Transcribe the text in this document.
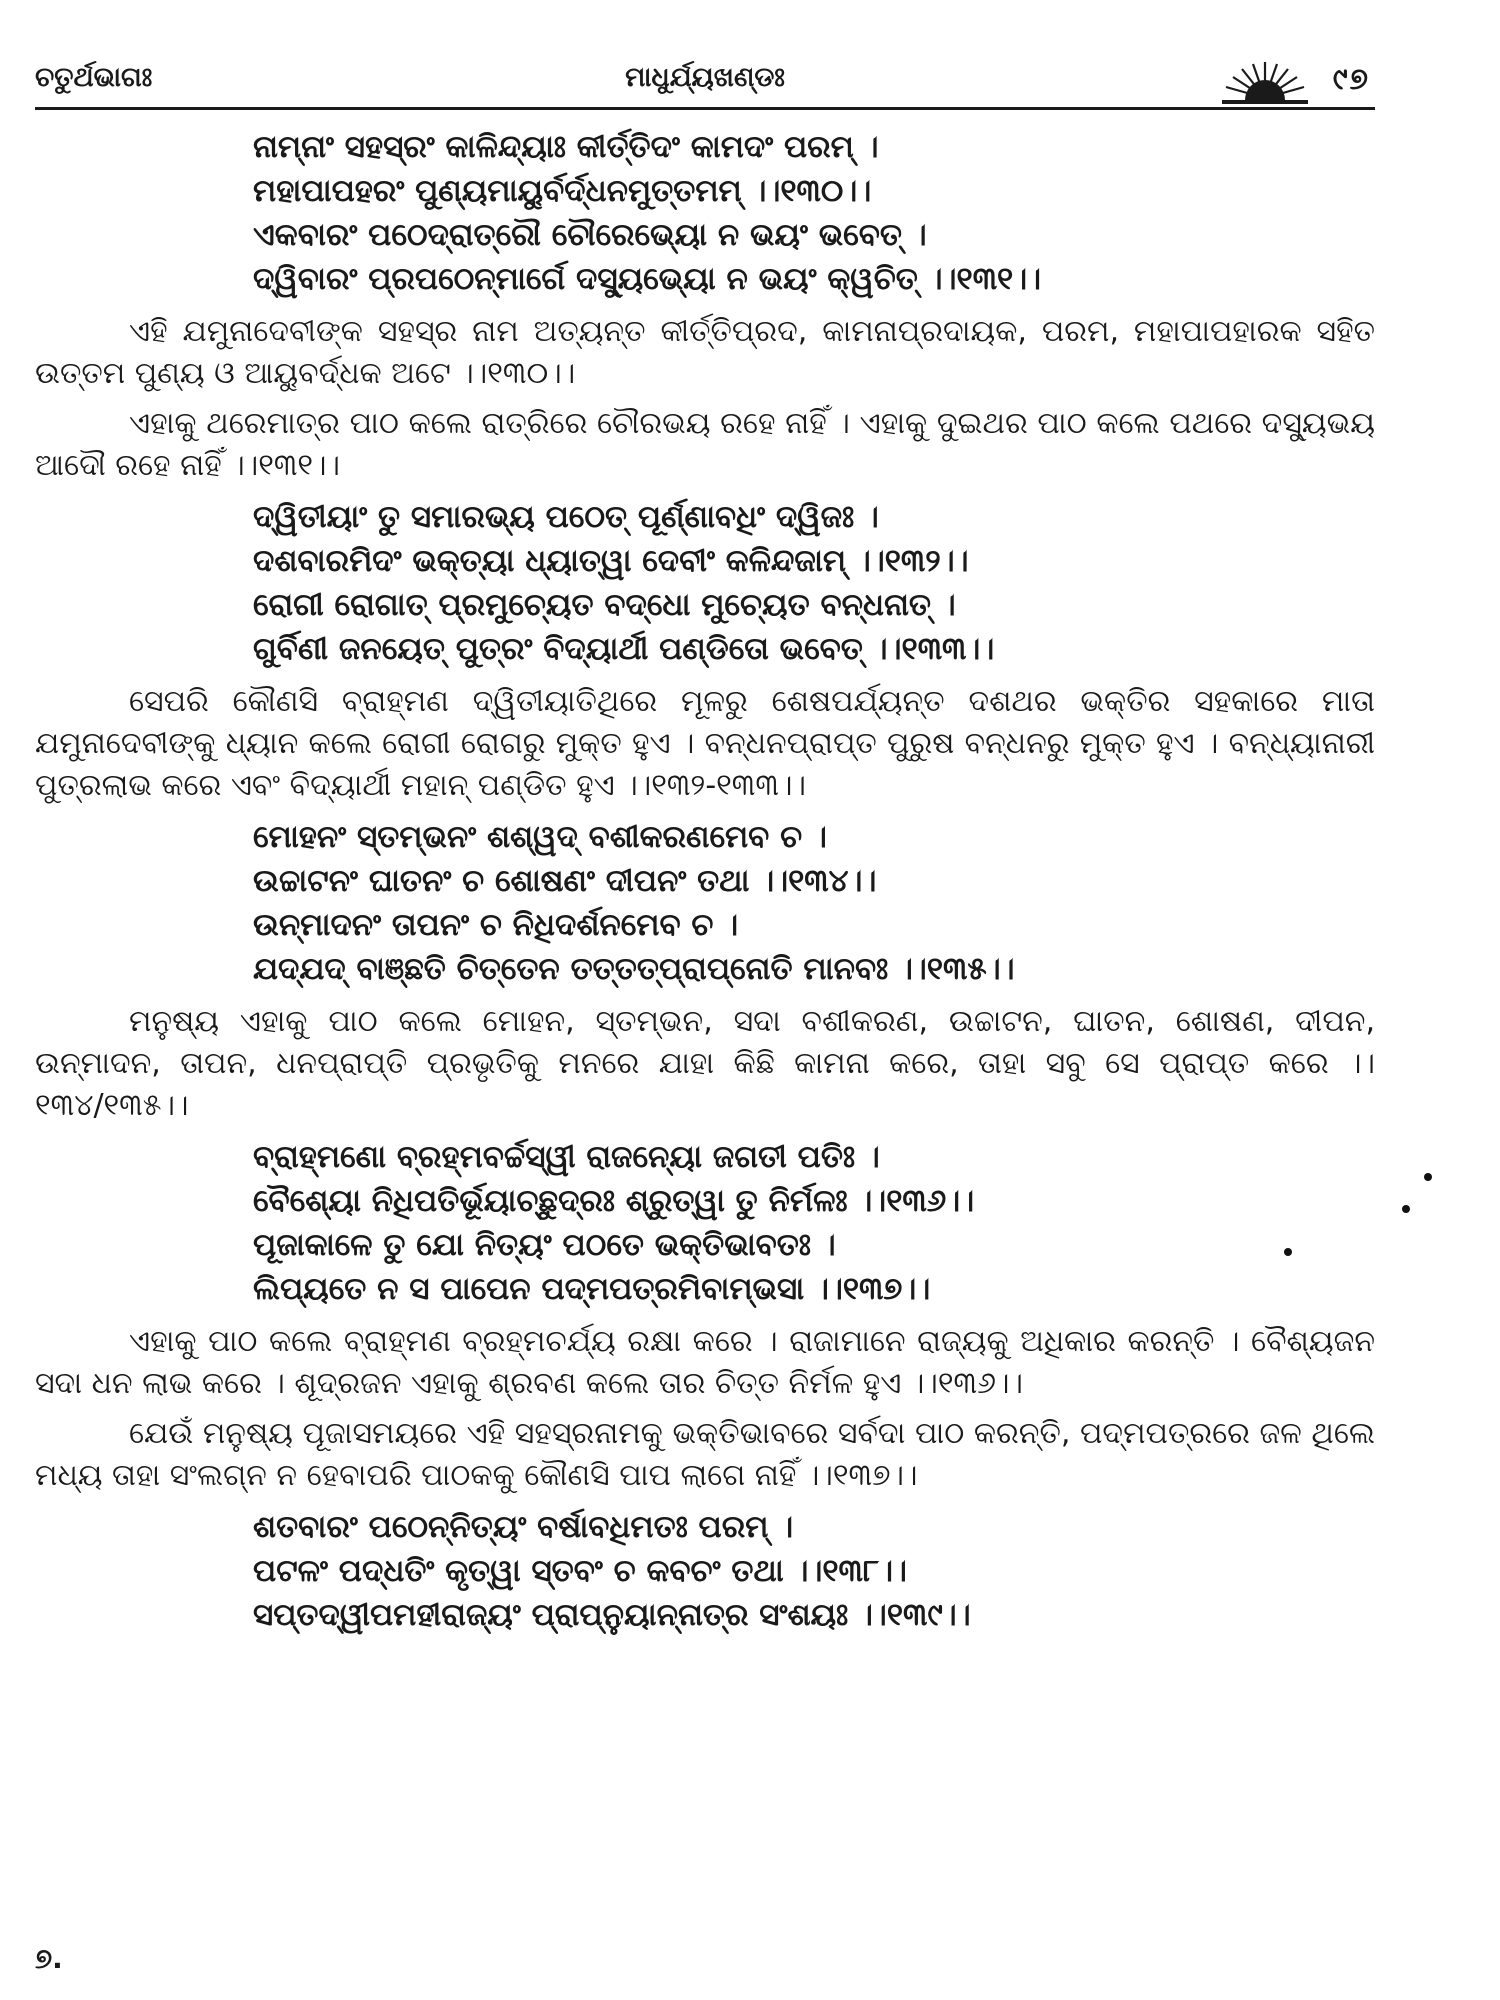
ଚତୁର୍ଥଭାଗଃ	ମାଧୁର୍ଯ୍ୟଖଣ୍ଡଃ	୯୭
ନାମ୍ନାଂ ସହସ୍ରଂ କାଳିନ୍ଦ୍ୟାଃ କୀର୍ତ୍ତିଦଂ କାମଦଂ ପରମ୍ ।
ମହାପାପହରଂ ପୁଣ୍ୟମାୟୁର୍ବର୍ଦ୍ଧନମୁତ୍ତମମ୍ ।।୧୩୦।।
ଏକବାରଂ ପଠେଦ୍‌ରାତ୍ରୌ ଚୌରେଭ୍ୟୋ ନ ଭୟଂ ଭବେତ୍ ।
ଦ୍ୱିବାରଂ ପ୍ରପଠେନ୍ମାର୍ଗେ ଦସ୍ୟୁଭ୍ୟୋ ନ ଭୟଂ କ୍ୱଚିତ୍ ।।୧୩୧।।

ଏହି ଯମୁନାଦେବୀଙ୍କ ସହସ୍ର ନାମ ଅତ୍ୟନ୍ତ କୀର୍ତ୍ତିପ୍ରଦ, କାମନାପ୍ରଦାୟକ, ପରମ, ମହାପାପହାରକ ସହିତ ଉତ୍ତମ ପୁଣ୍ୟ ଓ ଆୟୁବର୍ଦ୍ଧକ ଅଟେ ।।୧୩୦।।

ଏହାକୁ ଥରେମାତ୍ର ପାଠ କଲେ ରାତ୍ରିରେ ଚୌରଭୟ ରହେ ନାହିଁ । ଏହାକୁ ଦୁଇଥର ପାଠ କଲେ ପଥରେ ଦସ୍ୟୁଭୟ ଆଦୌ ରହେ ନାହିଁ ।।୧୩୧।।

ଦ୍ୱିତୀୟାଂ ତୁ ସମାରଭ୍ୟ ପଠେତ୍ ପୂର୍ଣ୍ଣାବଧିଂ ଦ୍ୱିଜଃ ।
ଦଶବାରମିଦଂ ଭକ୍ତ୍ୟା ଧ୍ୟାତ୍ୱା ଦେବୀଂ କଳିନ୍ଦଜାମ୍ ।।୧୩୨।।
ରୋଗୀ ରୋଗାତ୍ ପ୍ରମୁଚ୍ୟେତ ବଦ୍ଧୋ ମୁଚ୍ୟେତ ବନ୍ଧନାତ୍ ।
ଗୁର୍ବିଣୀ ଜନୟେତ୍ ପୁତ୍ରଂ ବିଦ୍ୟାର୍ଥୀ ପଣ୍ଡିତୋ ଭବେତ୍ ।।୧୩୩।।

ସେପରି କୌଣସି ବ୍ରାହ୍ମଣ ଦ୍ୱିତୀୟାତିଥିରେ ମୂଳରୁ ଶେଷପର୍ଯ୍ୟନ୍ତ ଦଶଥର ଭକ୍ତିର ସହକାରେ ମାତା ଯମୁନାଦେବୀଙ୍କୁ ଧ୍ୟାନ କଲେ ରୋଗୀ ରୋଗରୁ ମୁକ୍ତ ହୁଏ । ବନ୍ଧନପ୍ରାପ୍ତ ପୁରୁଷ ବନ୍ଧନରୁ ମୁକ୍ତ ହୁଏ । ବନ୍ଧ୍ୟାନାରୀ ପୁତ୍ରଲାଭ କରେ ଏବଂ ବିଦ୍ୟାର୍ଥୀ ମହାନ୍ ପଣ୍ଡିତ ହୁଏ ।।୧୩୨-୧୩୩।।

ମୋହନଂ ସ୍ତମ୍ଭନଂ ଶଶ୍ୱଦ୍ ବଶୀକରଣମେବ ଚ ।
ଉଚ୍ଚାଟନଂ ଘାତନଂ ଚ ଶୋଷଣଂ ଦୀପନଂ ତଥା ।।୧୩୪।।
ଉନ୍ମାଦନଂ ତାପନଂ ଚ ନିଧିଦର୍ଶନମେବ ଚ ।
ଯଦ୍‌ଯଦ୍ ବାଞ୍ଛତି ଚିତ୍ତେନ ତତ୍ତତ୍‌ପ୍ରାପ୍ନୋତି ମାନବଃ ।।୧୩୫।।

ମନୁଷ୍ୟ ଏହାକୁ ପାଠ କଲେ ମୋହନ, ସ୍ତମ୍ଭନ, ସଦା ବଶୀକରଣ, ଉଚ୍ଚାଟନ, ଘାତନ, ଶୋଷଣ, ଦୀପନ, ଉନ୍ମାଦନ, ତାପନ, ଧନପ୍ରାପ୍ତି ପ୍ରଭୃତିକୁ ମନରେ ଯାହା କିଛି କାମନା କରେ, ତାହା ସବୁ ସେ ପ୍ରାପ୍ତ କରେ ।।୧୩୪/୧୩୫।।

ବ୍ରାହ୍ମଣୋ ବ୍ରହ୍ମବର୍ଚ୍ଚସ୍ୱୀ ରାଜନ୍ୟୋ ଜଗତୀ ପତିଃ ।
ବୈଶ୍ୟୋ ନିଧିପତିର୍ଭୂୟାଚ୍ଛୁଦ୍ରଃ ଶ୍ରୁତ୍ୱା ତୁ ନିର୍ମଳଃ ।।୧୩୬।।
ପୂଜାକାଳେ ତୁ ଯୋ ନିତ୍ୟଂ ପଠତେ ଭକ୍ତିଭାବତଃ ।
ଲିପ୍ୟତେ ନ ସ ପାପେନ ପଦ୍ମପତ୍ରମିବାମ୍ଭସା ।।୧୩୭।।

ଏହାକୁ ପାଠ କଲେ ବ୍ରାହ୍ମଣ ବ୍ରହ୍ମଚର୍ଯ୍ୟ ରକ୍ଷା କରେ । ରାଜାମାନେ ରାଜ୍ୟକୁ ଅଧିକାର କରନ୍ତି । ବୈଶ୍ୟଜନ ସଦା ଧନ ଲାଭ କରେ । ଶୂଦ୍ରଜନ ଏହାକୁ ଶ୍ରବଣ କଲେ ତାର ଚିତ୍ତ ନିର୍ମଳ ହୁଏ ।।୧୩୬।।

ଯେଉଁ ମନୁଷ୍ୟ ପୂଜାସମୟରେ ଏହି ସହସ୍ରନାମକୁ ଭକ୍ତିଭାବରେ ସର୍ବଦା ପାଠ କରନ୍ତି, ପଦ୍ମପତ୍ରରେ ଜଳ ଥିଲେ ମଧ୍ୟ ତାହା ସଂଲଗ୍ନ ନ ହେବାପରି ପାଠକକୁ କୌଣସି ପାପ ଲାଗେ ନାହିଁ ।।୧୩୭।।

ଶତବାରଂ ପଠେନ୍ନିତ୍ୟଂ ବର୍ଷାବଧିମତଃ ପରମ୍ ।
ପଟଳଂ ପଦ୍ଧତିଂ କୃତ୍ୱା ସ୍ତବଂ ଚ କବଚଂ ତଥା ।।୧୩୮।।
ସପ୍ତଦ୍ୱୀପମହୀରାଜ୍ୟଂ ପ୍ରାପ୍ନୁୟାନ୍ନାତ୍ର ସଂଶୟଃ ।।୧୩୯।।
୭.
